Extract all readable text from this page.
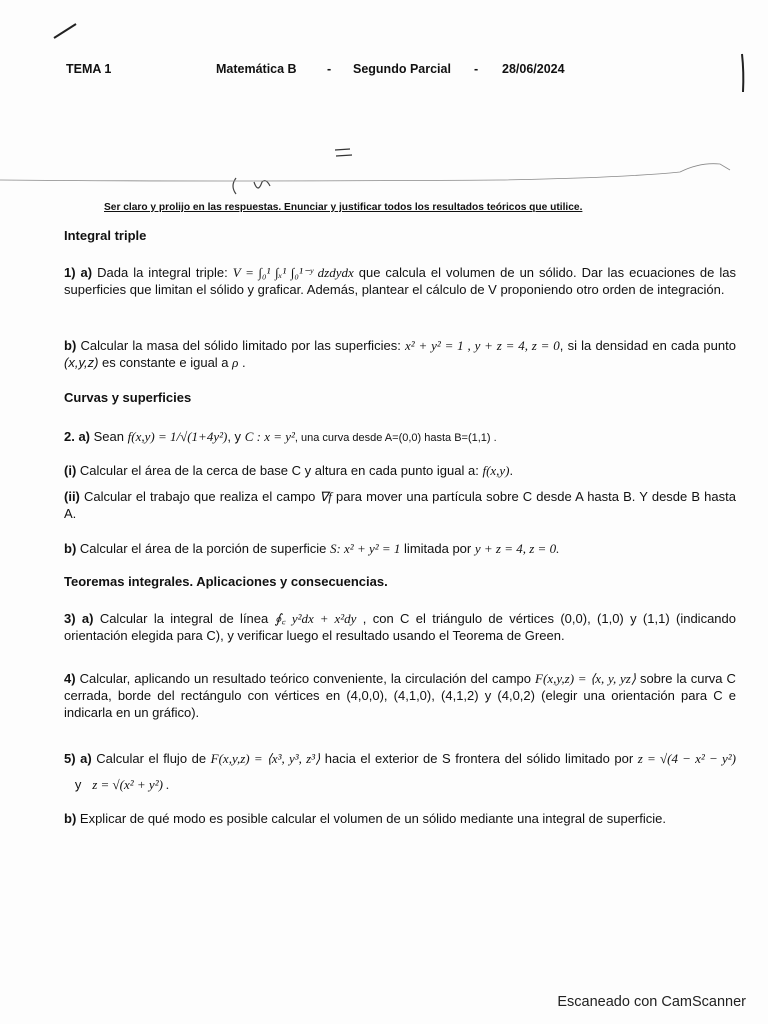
TEMA 1	Matemática B - Segundo Parcial - 28/06/2024
Ser claro y prolijo en las respuestas. Enunciar y justificar todos los resultados teóricos que utilice.
Integral triple
1) a) Dada la integral triple: V = ∫₀¹ ∫ₓ¹ ∫₀¹⁻ʸ dzdydx que calcula el volumen de un sólido. Dar las ecuaciones de las superficies que limitan el sólido y graficar. Además, plantear el cálculo de V proponiendo otro orden de integración.
b) Calcular la masa del sólido limitado por las superficies: x² + y² = 1 , y + z = 4, z = 0, si la densidad en cada punto (x,y,z) es constante e igual a ρ .
Curvas y superficies
2. a) Sean f(x,y) = 1/√(1+4y²), y C : x = y², una curva desde A=(0,0) hasta B=(1,1) .
(i) Calcular el área de la cerca de base C y altura en cada punto igual a: f(x,y).
(ii) Calcular el trabajo que realiza el campo ∇f para mover una partícula sobre C desde A hasta B. Y desde B hasta A.
b) Calcular el área de la porción de superficie S: x² + y² = 1 limitada por y + z = 4, z = 0.
Teoremas integrales. Aplicaciones y consecuencias.
3) a) Calcular la integral de línea ∮꜀ y²dx + x²dy , con C el triángulo de vértices (0,0), (1,0) y (1,1) (indicando orientación elegida para C), y verificar luego el resultado usando el Teorema de Green.
4) Calcular, aplicando un resultado teórico conveniente, la circulación del campo F(x,y,z) = ⟨x, y, yz⟩ sobre la curva C cerrada, borde del rectángulo con vértices en (4,0,0), (4,1,0), (4,1,2) y (4,0,2) (elegir una orientación para C e indicarla en un gráfico).
5) a) Calcular el flujo de F(x,y,z) = ⟨x³, y³, z³⟩ hacia el exterior de S frontera del sólido limitado por z = √(4 − x² − y²)    y z = √(x² + y²) .
b) Explicar de qué modo es posible calcular el volumen de un sólido mediante una integral de superficie.
Escaneado con CamScanner
